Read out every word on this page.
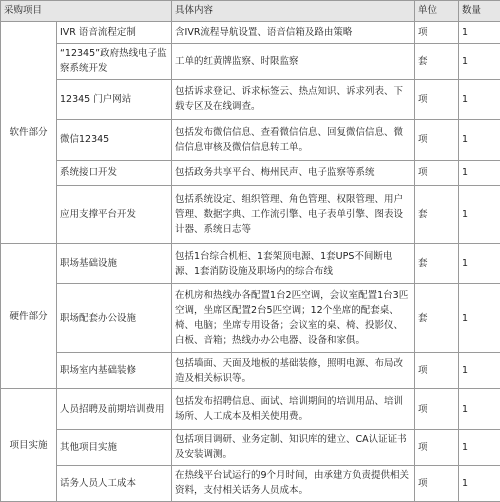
采购项目		具体内容	单位	数量
软件部分	IVR 语音流程定制	含IVR流程导航设置、语音信箱及路由策略	项	1
	“12345”政府热线电子监察系统开发	工单的红黄牌监察、时限监察	套	1
	12345 门户网站	包括诉求登记、诉求标签云、热点知识、诉求列表、下载专区及在线调查。	项	1
	微信12345	包括发布微信信息、查看微信信息、回复微信信息、微信信息审核及微信信息转工单。	项	1
	系统接口开发	包括政务共享平台、梅州民声、电子监察等系统	项	1
	应用支撑平台开发	包括系统设定、组织管理、角色管理、权限管理、用户管理、数据字典、工作流引擎、电子表单引擎、图表设计器、系统日志等	套	1
硬件部分	职场基础设施	包括1台综合机柜、1套架顶电源、1套UPS不间断电源、1套消防设施及职场内的综合布线	套	1
	职场配套办公设施	在机房和热线办各配置1台2匹空调，会议室配置1台3匹空调，坐席区配置2台5匹空调；12个坐席的配套桌、椅、电脑；坐席专用设备；会议室的桌、椅、投影仪、白板、音箱；热线办办公电器、设备和家俱。	套	1
	职场室内基础装修	包括墙面、天面及地板的基础装修，照明电源、布局改造及相关标识等。	项	1
项目实施	人员招聘及前期培训费用	包括发布招聘信息、面试、培训期间的培训用品、培训场所、人工成本及相关使用费。	项	1
	其他项目实施	包括项目调研、业务定制、知识库的建立、CA认证证书及安装调测。	项	1
	话务人员人工成本	在热线平台试运行的9个月时间，由承建方负责提供相关资料，支付相关话务人员成本。	项	1
